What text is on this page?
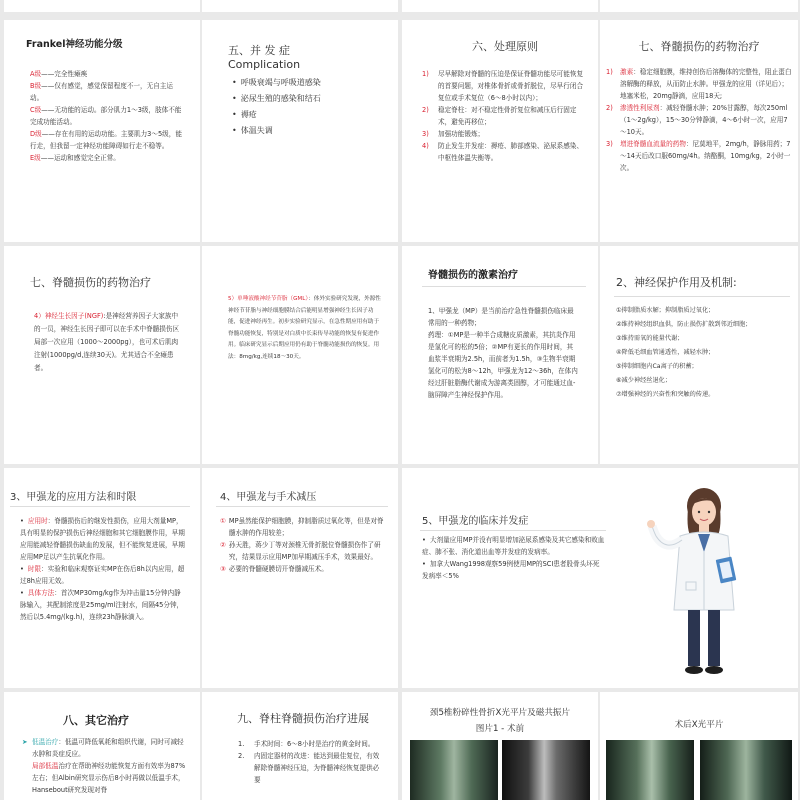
Frankel神经功能分级
A级——完全性瘫痪
B级——仅有感觉，感觉保留程度不一，无自主运动。
C级——无功能的运动。部分肌力1～3级，肢体不能完成功能活动。
D级——存在有用的运动功能。主要肌力3～5级，能行走，但我留一定神经功能障碍如行走不稳等。
E级——运动和感觉完全正常。
五、并 发 症
Complication
• 呼吸衰竭与呼吸道感染
• 泌尿生殖的感染和结石
• 褥疮
• 体温失调
六、处理原则
1)	尽早解除对脊髓的压迫是保证脊髓功能尽可能恢复的首要问题，对椎体骨折或骨折脱位，尽早行闭合复位或手术复位（6～8小时以内）；
2)	稳定脊柱：对不稳定性骨折复位和减压后行固定术，避免再移位；
3)	加强功能锻炼；
4)	防止发生并发症：褥疮、肺部感染、泌尿系感染、中枢性体温失衡等。
七、脊髓损伤的药物治疗
1)	激素：稳定细胞膜，维持创伤后溶酶体的完整性，阻止蛋白溶解酶的释放，从而防止水肿。甲强龙的应用（详见后）；地塞米松，20mg静滴，应用18天;
2)	渗透性利尿剂：减轻脊髓水肿；20%甘露醇，每次250ml（1～2g/kg），15～30分钟静滴，4～6小时一次，应用7～10天。
3)	增进脊髓血流量的药物：尼莫地平，2mg/h，静脉用药；7～14天后改口服60mg/4h。纳酪酮，10mg/kg，2小时一次。
七、脊髓损伤的药物治疗
4）神经生长因子(NGF):是神经营养因子大家族中的一员，神经生长因子即可以在手术中脊髓损伤区局部一次应用（1000～2000pg），也可术后肌肉注射(1000pg/d,连续30天)。尤其适合不全瘫患者。
5）单唾液酸神经节苷脂（GML）：体外实验研究发现，外源性神经节苷脂与神经细胞膜结合后能明显增强神经生长因子功能，促进神经再生。初步实验研究显示，在急性期应用有助于脊髓功能恢复，特别是对白质中长束传导功能的恢复有促进作用。临床研究显示后期应用仍有助于脊髓功能损伤的恢复。用法：8mg/kg,连续18～30天。
脊髓损伤的激素治疗
1、甲强龙（MP）是当前治疗急性脊髓损伤临床最常用的一种药物；
药理：①MP是一种半合成糖皮质激素，其抗炎作用是氢化可的松的5倍；②MP有更长的作用时间，其血浆半衰期为2.5h，而前者为1.5h，③生物半衰期氢化可的松为8～12h，甲强龙为12～36h，在体内经过肝脏脂酶代谢成为游离类固醇，才可能通过血-脑屏障产生神经保护作用。
2、神经保护作用及机制:
①抑制脂质水解；抑制脂质过氧化；
②维持神经组织血供，防止损伤扩散到邻近细胞；
③维持需氧的能量代谢；
④降低毛细血管通透性，减轻水肿；
⑤抑制细胞内Ca离子的积蓄；
⑥减少神经丝退化；
⑦增强神经的兴奋性和突触的传递。
3、甲强龙的应用方法和时限
• 应用时：脊髓损伤后的继发性损伤，应用大剂量MP，具有明显的保护损伤后神经细胞和其它细胞膜作用，早期应用能减轻脊髓损伤缺血的发展，但不能恢复进展，早期应用MP足以产生抗氧化作用。
• 时限：实验和临床观察证实MP在伤后8h以内应用，超过8h应用无效。
• 具体方法：首次MP30mg/kg作为冲击量15分钟内静脉输入，其配制浓度是25mg/ml注射水，间隔45分钟，然后以5.4mg/(kg.h)，连续23h静脉滴入。
4、甲强龙与手术减压
① MP虽然能保护细胞膜，抑制脂质过氧化等，但是对脊髓水肿的作用较差；
② 孙天胜，蒋少丁等对颈椎无骨折脱位脊髓损伤作了研究，结果显示应用MP加早期减压手术，效果最好。
③ 必要的脊髓硬膜切开脊髓减压术。
5、甲强龙的临床并发症
• 大剂量应用MP并没有明显增加泌尿系感染及其它感染和败血症、肺不张、消化道出血等并发症的发病率。
• 加拿大Wang1998观察59例使用MP的SCI患者股骨头坏死发病率＜5%
八、其它治疗
➤ 低温治疗：低温可降低氧耗和组织代谢，同时可减轻水肿和炎症反应。
局部低温治疗在帮助神经功能恢复方面有效率为87%左右；但Albin研究显示伤后8小时再做以低温手术，Hansebout研究发现对脊
九、脊柱脊髓损伤治疗进展
1.	手术时间：6～8小时是治疗的黄金时间。
2.	内固定器材的改进：能达到最佳复位，有效解除脊髓神经压迫，为脊髓神经恢复提供必要
颈5椎粉碎性骨折X光平片及磁共振片
图片1 - 术前	术后X光平片
